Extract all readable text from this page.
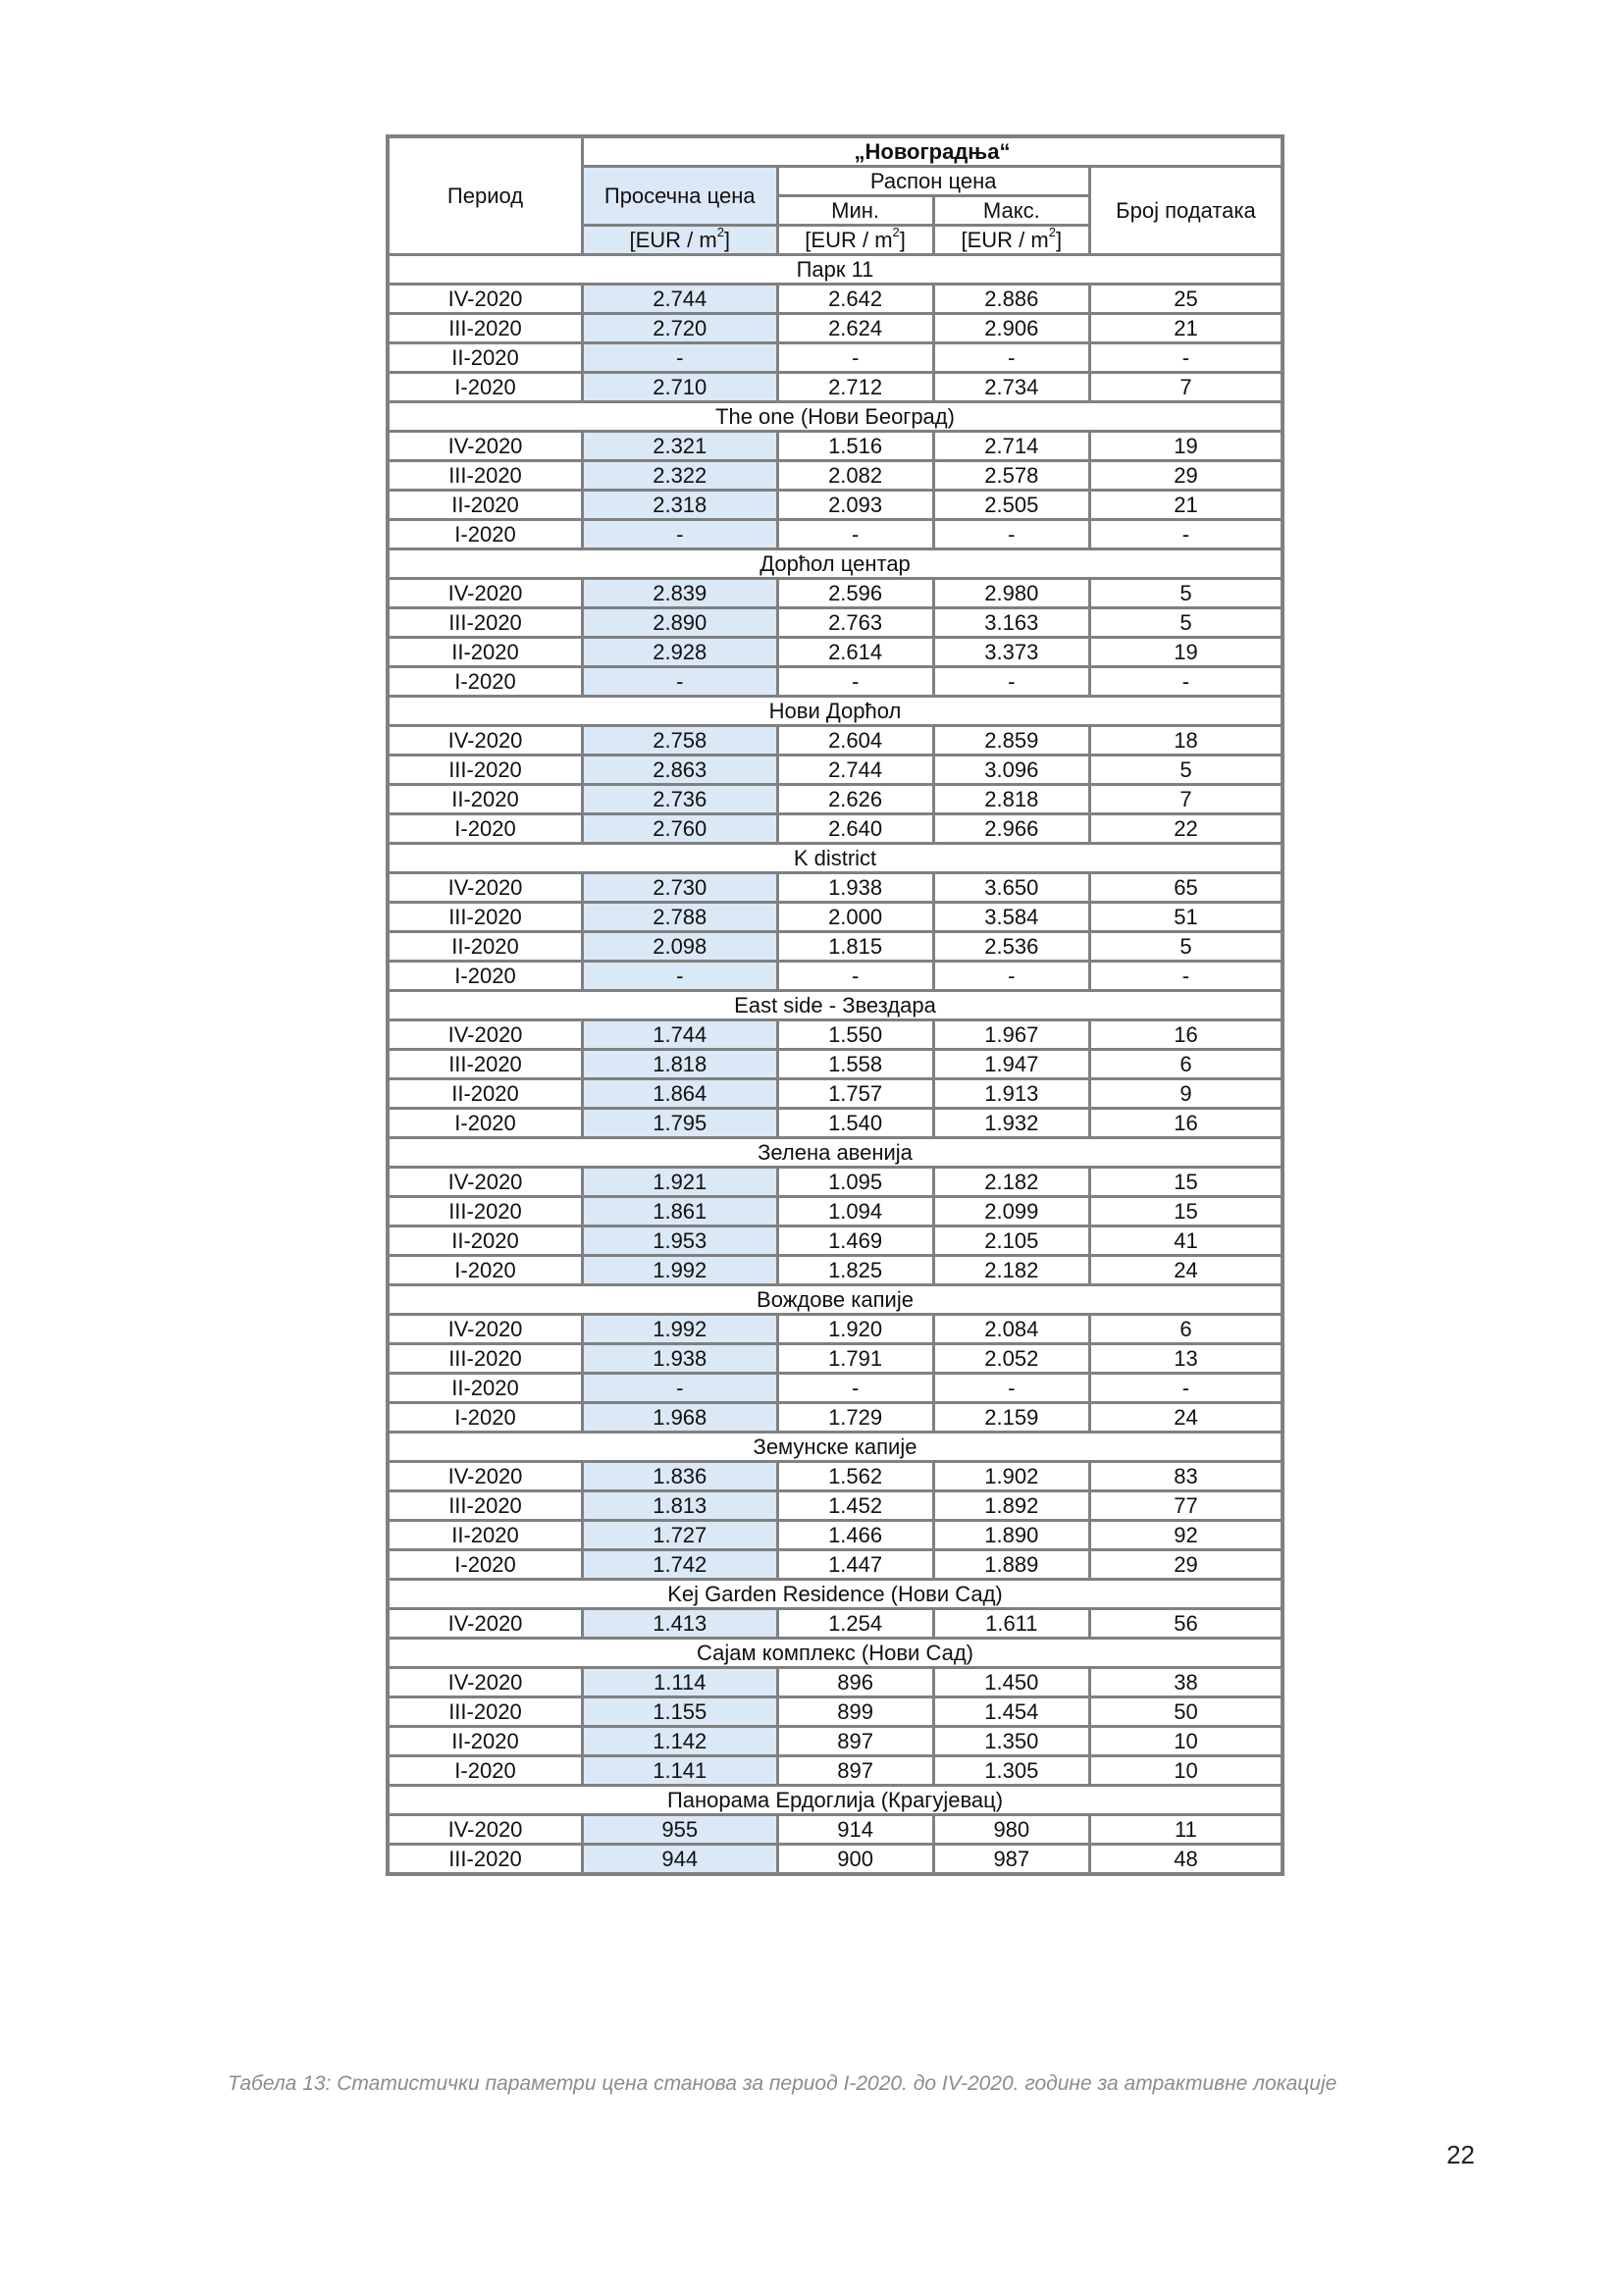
Период	„Новоградња“			
	Просечна цена	Распон цена		Број података
		Мин.	Макс.	
	$[EUR / m^2]$	$[EUR / m^2]$	$[EUR / m^2]$	
Парк 11				
IV-2020	2.744	2.642	2.886	25
III-2020	2.720	2.624	2.906	21
II-2020	-	-	-	-
I-2020	2.710	2.712	2.734	7
The one (Нови Београд)				
IV-2020	2.321	1.516	2.714	19
III-2020	2.322	2.082	2.578	29
II-2020	2.318	2.093	2.505	21
I-2020	-	-	-	-
Дорћол центар				
IV-2020	2.839	2.596	2.980	5
III-2020	2.890	2.763	3.163	5
II-2020	2.928	2.614	3.373	19
I-2020	-	-	-	-
Нови Дорћол				
IV-2020	2.758	2.604	2.859	18
III-2020	2.863	2.744	3.096	5
II-2020	2.736	2.626	2.818	7
I-2020	2.760	2.640	2.966	22
K district				
IV-2020	2.730	1.938	3.650	65
III-2020	2.788	2.000	3.584	51
II-2020	2.098	1.815	2.536	5
I-2020	-	-	-	-
East side - Звездара				
IV-2020	1.744	1.550	1.967	16
III-2020	1.818	1.558	1.947	6
II-2020	1.864	1.757	1.913	9
I-2020	1.795	1.540	1.932	16
Зелена авенија				
IV-2020	1.921	1.095	2.182	15
III-2020	1.861	1.094	2.099	15
II-2020	1.953	1.469	2.105	41
I-2020	1.992	1.825	2.182	24
Вождове капије				
IV-2020	1.992	1.920	2.084	6
III-2020	1.938	1.791	2.052	13
II-2020	-	-	-	-
I-2020	1.968	1.729	2.159	24
Земунске капије				
IV-2020	1.836	1.562	1.902	83
III-2020	1.813	1.452	1.892	77
II-2020	1.727	1.466	1.890	92
I-2020	1.742	1.447	1.889	29
Kej Garden Residence (Нови Сад)				
IV-2020	1.413	1.254	1.611	56
Сајам комплекс (Нови Сад)				
IV-2020	1.114	896	1.450	38
III-2020	1.155	899	1.454	50
II-2020	1.142	897	1.350	10
I-2020	1.141	897	1.305	10
Панорама Ердоглија (Крагујевац)				
IV-2020	955	914	980	11
III-2020	944	900	987	48
Табела 13: Статистички параметри цена станова за период I-2020. до IV-2020. године за атрактивне локације
22
